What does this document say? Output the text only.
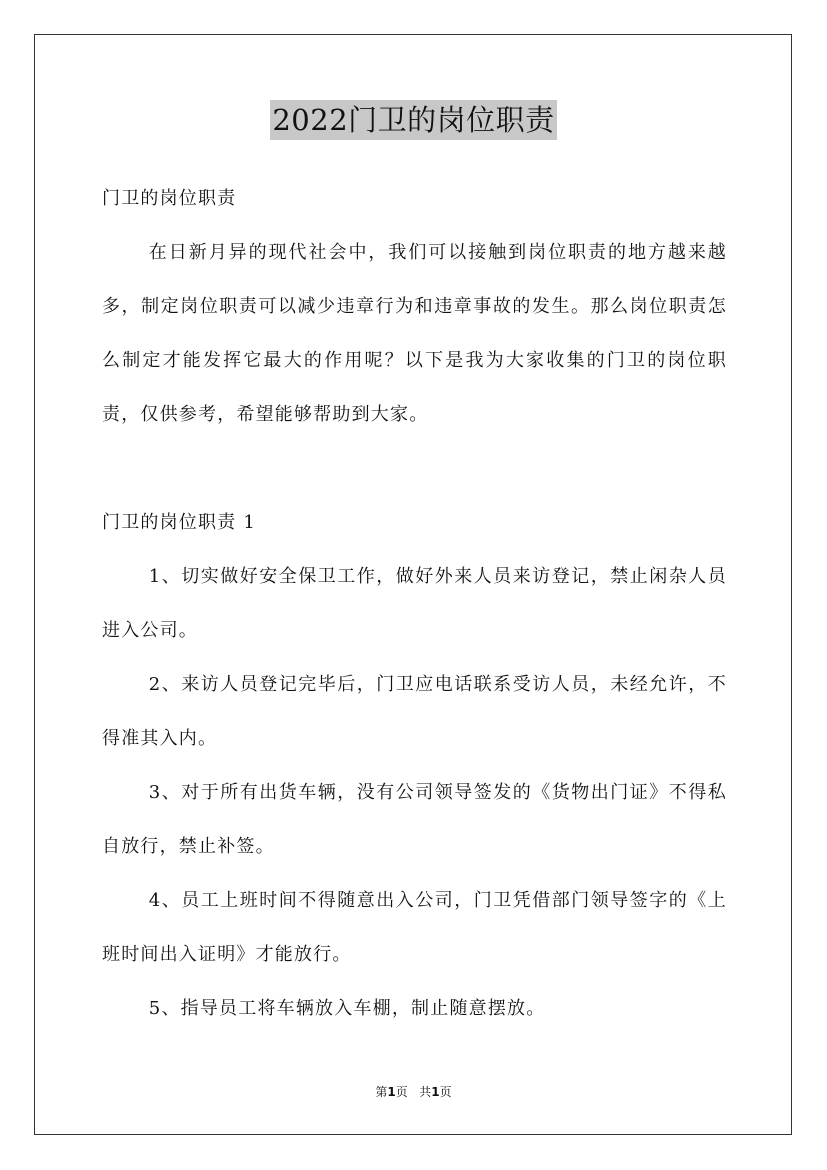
2022门卫的岗位职责

门卫的岗位职责

在日新月异的现代社会中，我们可以接触到岗位职责的地方越来越多，制定岗位职责可以减少违章行为和违章事故的发生。那么岗位职责怎么制定才能发挥它最大的作用呢？以下是我为大家收集的门卫的岗位职责，仅供参考，希望能够帮助到大家。

门卫的岗位职责 1

1、切实做好安全保卫工作，做好外来人员来访登记，禁止闲杂人员进入公司。

2、来访人员登记完毕后，门卫应电话联系受访人员，未经允许，不得准其入内。

3、对于所有出货车辆，没有公司领导签发的《货物出门证》不得私自放行，禁止补签。

4、员工上班时间不得随意出入公司，门卫凭借部门领导签字的《上班时间出入证明》才能放行。

5、指导员工将车辆放入车棚，制止随意摆放。

第1页 共1页
